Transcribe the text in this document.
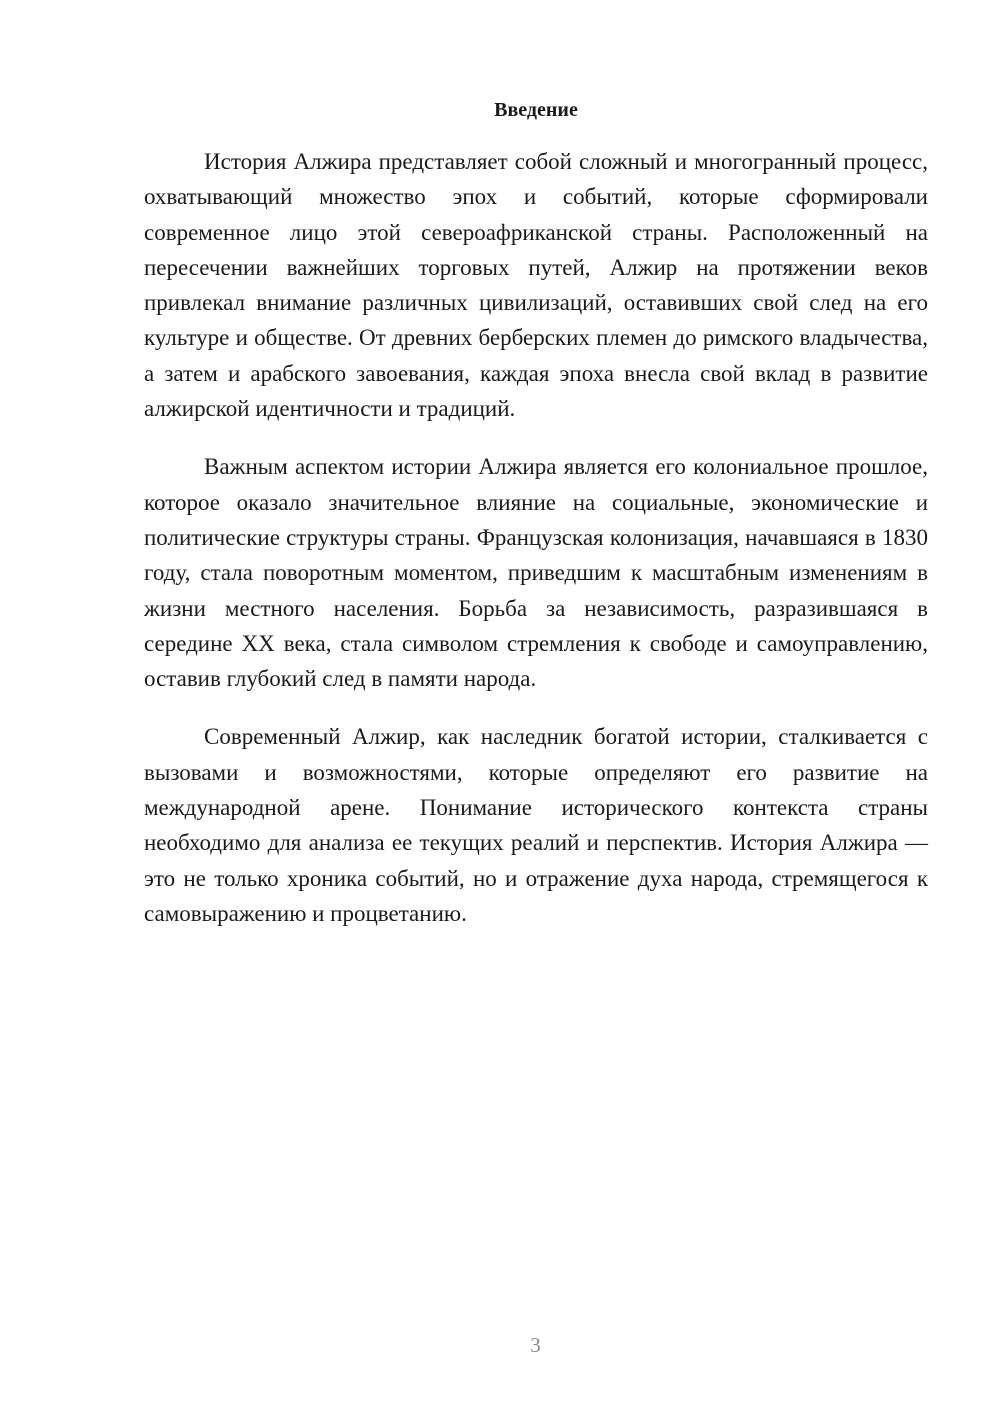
Введение

История Алжира представляет собой сложный и многогранный процесс, охватывающий множество эпох и событий, которые сформировали современное лицо этой североафриканской страны. Расположенный на пересечении важнейших торговых путей, Алжир на протяжении веков привлекал внимание различных цивилизаций, оставивших свой след на его культуре и обществе. От древних берберских племен до римского владычества, а затем и арабского завоевания, каждая эпоха внесла свой вклад в развитие алжирской идентичности и традиций.

Важным аспектом истории Алжира является его колониальное прошлое, которое оказало значительное влияние на социальные, экономические и политические структуры страны. Французская колонизация, начавшаяся в 1830 году, стала поворотным моментом, приведшим к масштабным изменениям в жизни местного населения. Борьба за независимость, разразившаяся в середине XX века, стала символом стремления к свободе и самоуправлению, оставив глубокий след в памяти народа.

Современный Алжир, как наследник богатой истории, сталкивается с вызовами и возможностями, которые определяют его развитие на международной арене. Понимание исторического контекста страны необходимо для анализа ее текущих реалий и перспектив. История Алжира — это не только хроника событий, но и отражение духа народа, стремящегося к самовыражению и процветанию.

3
